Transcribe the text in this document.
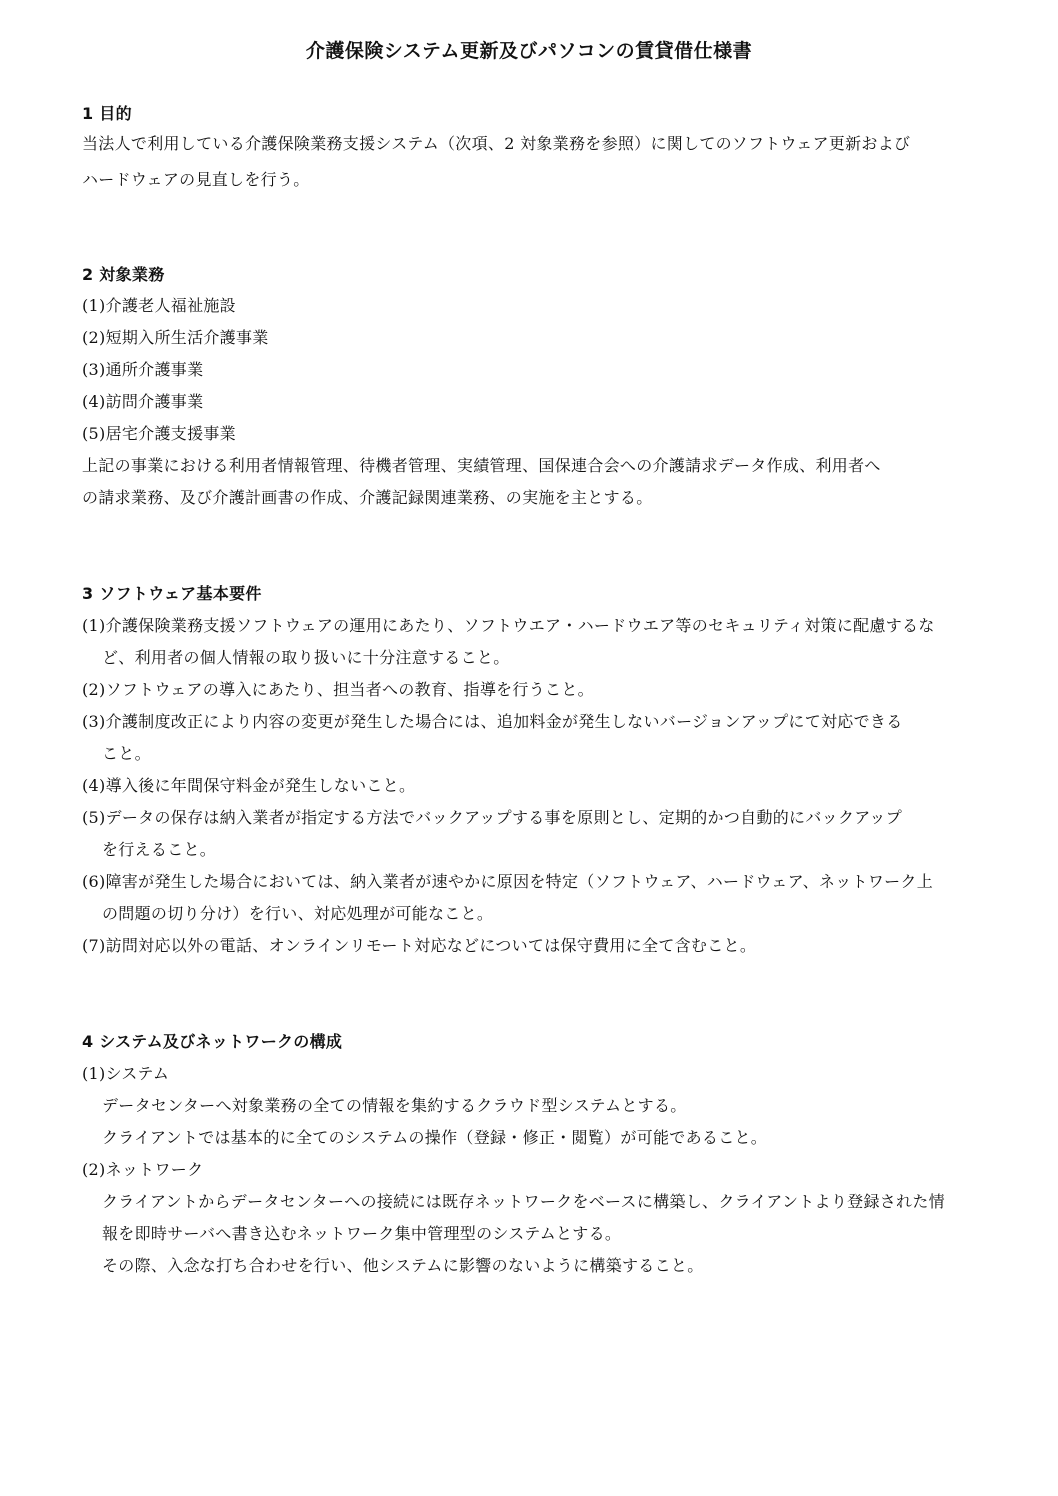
介護保険システム更新及びパソコンの賃貸借仕様書
1 目的
当法人で利用している介護保険業務支援システム（次項、2 対象業務を参照）に関してのソフトウェア更新および
ハードウェアの見直しを行う。
2 対象業務
(1)介護老人福祉施設
(2)短期入所生活介護事業
(3)通所介護事業
(4)訪問介護事業
(5)居宅介護支援事業
上記の事業における利用者情報管理、待機者管理、実績管理、国保連合会への介護請求データ作成、利用者へ
の請求業務、及び介護計画書の作成、介護記録関連業務、の実施を主とする。
3 ソフトウェア基本要件
(1)介護保険業務支援ソフトウェアの運用にあたり、ソフトウエア・ハードウエア等のセキュリティ対策に配慮するな
ど、利用者の個人情報の取り扱いに十分注意すること。
(2)ソフトウェアの導入にあたり、担当者への教育、指導を行うこと。
(3)介護制度改正により内容の変更が発生した場合には、追加料金が発生しないバージョンアップにて対応できる
こと。
(4)導入後に年間保守料金が発生しないこと。
(5)データの保存は納入業者が指定する方法でバックアップする事を原則とし、定期的かつ自動的にバックアップ
を行えること。
(6)障害が発生した場合においては、納入業者が速やかに原因を特定（ソフトウェア、ハードウェア、ネットワーク上
の問題の切り分け）を行い、対応処理が可能なこと。
(7)訪問対応以外の電話、オンラインリモート対応などについては保守費用に全て含むこと。
4 システム及びネットワークの構成
(1)システム
データセンターへ対象業務の全ての情報を集約するクラウド型システムとする。
クライアントでは基本的に全てのシステムの操作（登録・修正・閲覧）が可能であること。
(2)ネットワーク
クライアントからデータセンターへの接続には既存ネットワークをベースに構築し、クライアントより登録された情
報を即時サーバへ書き込むネットワーク集中管理型のシステムとする。
その際、入念な打ち合わせを行い、他システムに影響のないように構築すること。
